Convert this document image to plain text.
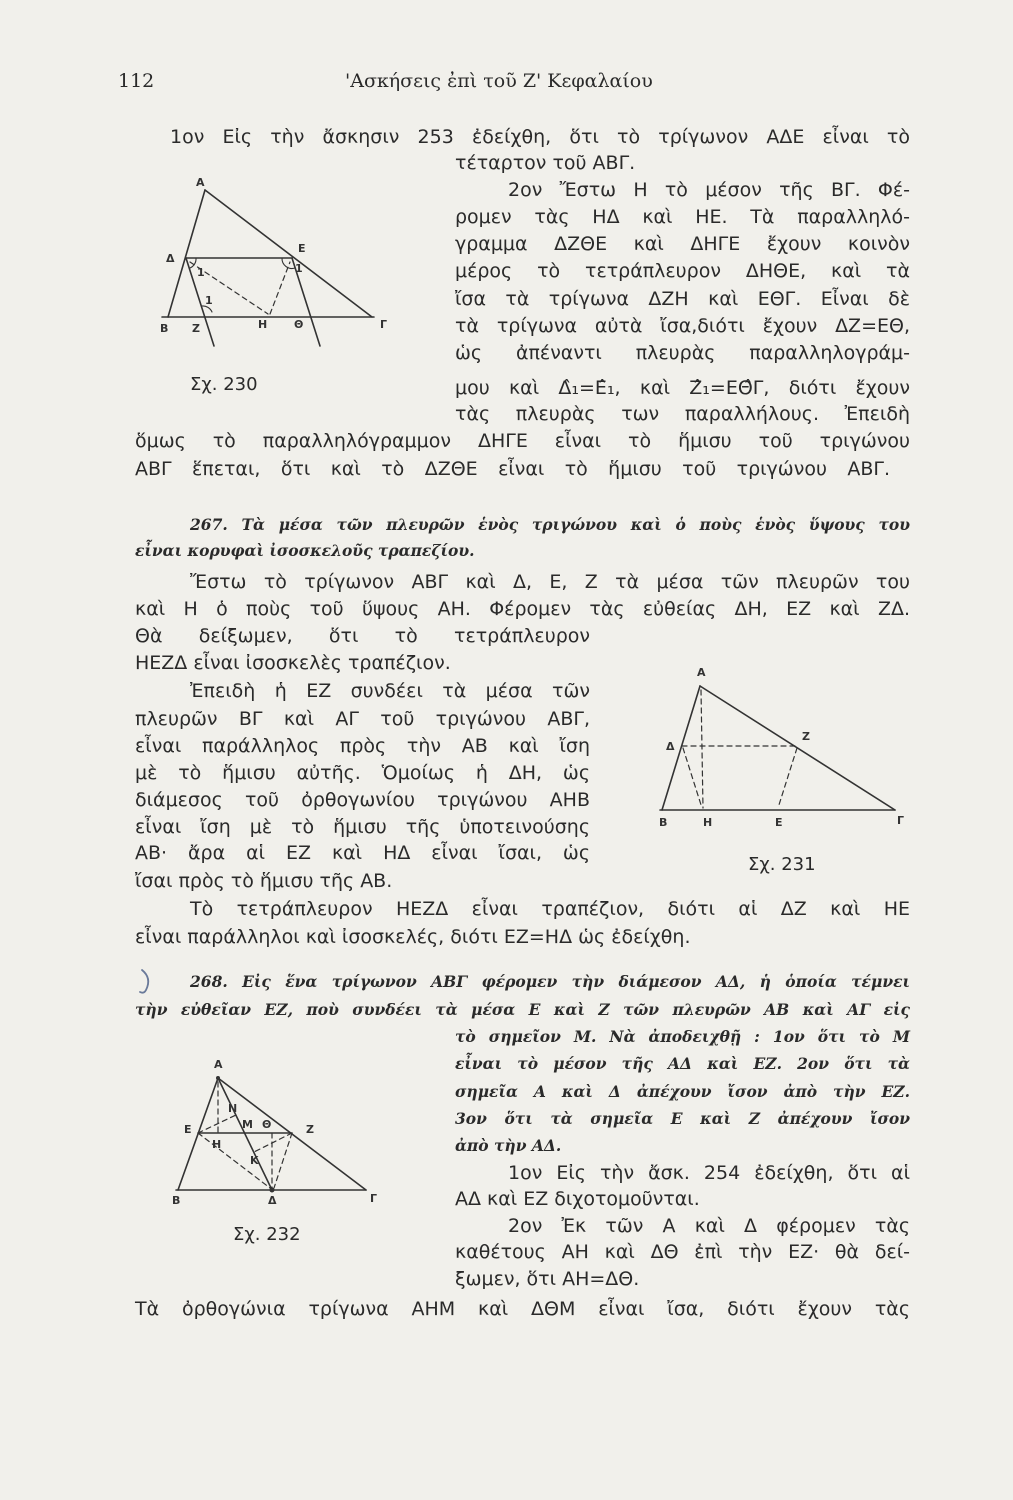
112	'Ασκήσεις ἐπὶ τοῦ Ζ' Κεφαλαίου
1ον Εἰς τὴν ἄσκησιν 253 ἐδείχθη, ὅτι τὸ τρίγωνον ΑΔΕ εἶναι τὸ
τέταρτον τοῦ ΑΒΓ.
2ον Ἔστω Η τὸ μέσον τῆς ΒΓ. Φέ-
ρομεν τὰς ΗΔ καὶ ΗΕ. Τὰ παραλληλό-
γραμμα ΔΖΘΕ καὶ ΔΗΓΕ ἔχουν κοινὸν
μέρος τὸ τετράπλευρον ΔΗΘΕ, καὶ τὰ
ἴσα τὰ τρίγωνα ΔΖΗ καὶ ΕΘΓ. Εἶναι δὲ
τὰ τρίγωνα αὐτὰ ἴσα,διότι ἔχουν ΔΖ=ΕΘ,
ὡς ἀπέναντι πλευρὰς παραλληλογράμ-
μου καὶ Δ̂₁=Ε̂₁, καὶ Ζ̂₁=ΕΘ̂Γ, διότι ἔχουν
τὰς πλευρὰς των παραλλήλους. Ἐπειδὴ
ὅμως τὸ παραλληλόγραμμον ΔΗΓΕ εἶναι τὸ ἥμισυ τοῦ τριγώνου
ΑΒΓ ἕπεται, ὅτι καὶ τὸ ΔΖΘΕ εἶναι τὸ ἥμισυ τοῦ τριγώνου ΑΒΓ.
Σχ. 230
267. Τὰ μέσα τῶν πλευρῶν ἑνὸς τριγώνου καὶ ὁ ποὺς ἑνὸς ὕψους του
εἶναι κορυφαὶ ἰσοσκελοῦς τραπεζίου.
Ἔστω τὸ τρίγωνον ΑΒΓ καὶ Δ, Ε, Ζ τὰ μέσα τῶν πλευρῶν του
καὶ Η ὁ ποὺς τοῦ ὕψους ΑΗ. Φέρομεν τὰς εὐθείας ΔΗ, ΕΖ καὶ ΖΔ.
Θὰ δείξωμεν, ὅτι τὸ τετράπλευρον
ΗΕΖΔ εἶναι ἰσοσκελὲς τραπέζιον.
Ἐπειδὴ ἡ ΕΖ συνδέει τὰ μέσα τῶν
πλευρῶν ΒΓ καὶ ΑΓ τοῦ τριγώνου ΑΒΓ,
εἶναι παράλληλος πρὸς τὴν ΑΒ καὶ ἴση
μὲ τὸ ἥμισυ αὐτῆς. Ὁμοίως ἡ ΔΗ, ὡς
διάμεσος τοῦ ὀρθογωνίου τριγώνου ΑΗΒ
εἶναι ἴση μὲ τὸ ἥμισυ τῆς ὑποτεινούσης
ΑΒ· ἄρα αἱ ΕΖ καὶ ΗΔ εἶναι ἴσαι, ὡς
ἴσαι πρὸς τὸ ἥμισυ τῆς ΑΒ.
Τὸ τετράπλευρον ΗΕΖΔ εἶναι τραπέζιον, διότι αἱ ΔΖ καὶ ΗΕ
εἶναι παράλληλοι καὶ ἰσοσκελές, διότι ΕΖ=ΗΔ ὡς ἐδείχθη.
Σχ. 231
268. Εἰς ἕνα τρίγωνον ΑΒΓ φέρομεν τὴν διάμεσον ΑΔ, ἡ ὁποία τέμνει
τὴν εὐθεῖαν ΕΖ, ποὺ συνδέει τὰ μέσα Ε καὶ Ζ τῶν πλευρῶν ΑΒ καὶ ΑΓ εἰς
τὸ σημεῖον Μ. Νὰ ἀποδειχθῇ : 1ον ὅτι τὸ Μ
εἶναι τὸ μέσον τῆς ΑΔ καὶ ΕΖ. 2ον ὅτι τὰ
σημεῖα Α καὶ Δ ἀπέχουν ἴσον ἀπὸ τὴν ΕΖ.
3ον ὅτι τὰ σημεῖα Ε καὶ Ζ ἀπέχουν ἴσον
ἀπὸ τὴν ΑΔ.
1ον Εἰς τὴν ἄσκ. 254 ἐδείχθη, ὅτι αἱ
ΑΔ καὶ ΕΖ διχοτομοῦνται.
2ον Ἐκ τῶν Α καὶ Δ φέρομεν τὰς
καθέτους ΑΗ καὶ ΔΘ ἐπὶ τὴν ΕΖ· θὰ δεί-
ξωμεν, ὅτι ΑΗ=ΔΘ.
Τὰ ὀρθογώνια τρίγωνα ΑΗΜ καὶ ΔΘΜ εἶναι ἴσα, διότι ἔχουν τὰς
Σχ. 232
Α
Δ
Ε
Β Ζ	Η Θ	Γ
1	1
1
Α
Δ
Ζ
Β	Η	Ε	Γ
Α
Ε	Ζ
Η
Μ Θ
Ν
Κ
Β	Δ	Γ
